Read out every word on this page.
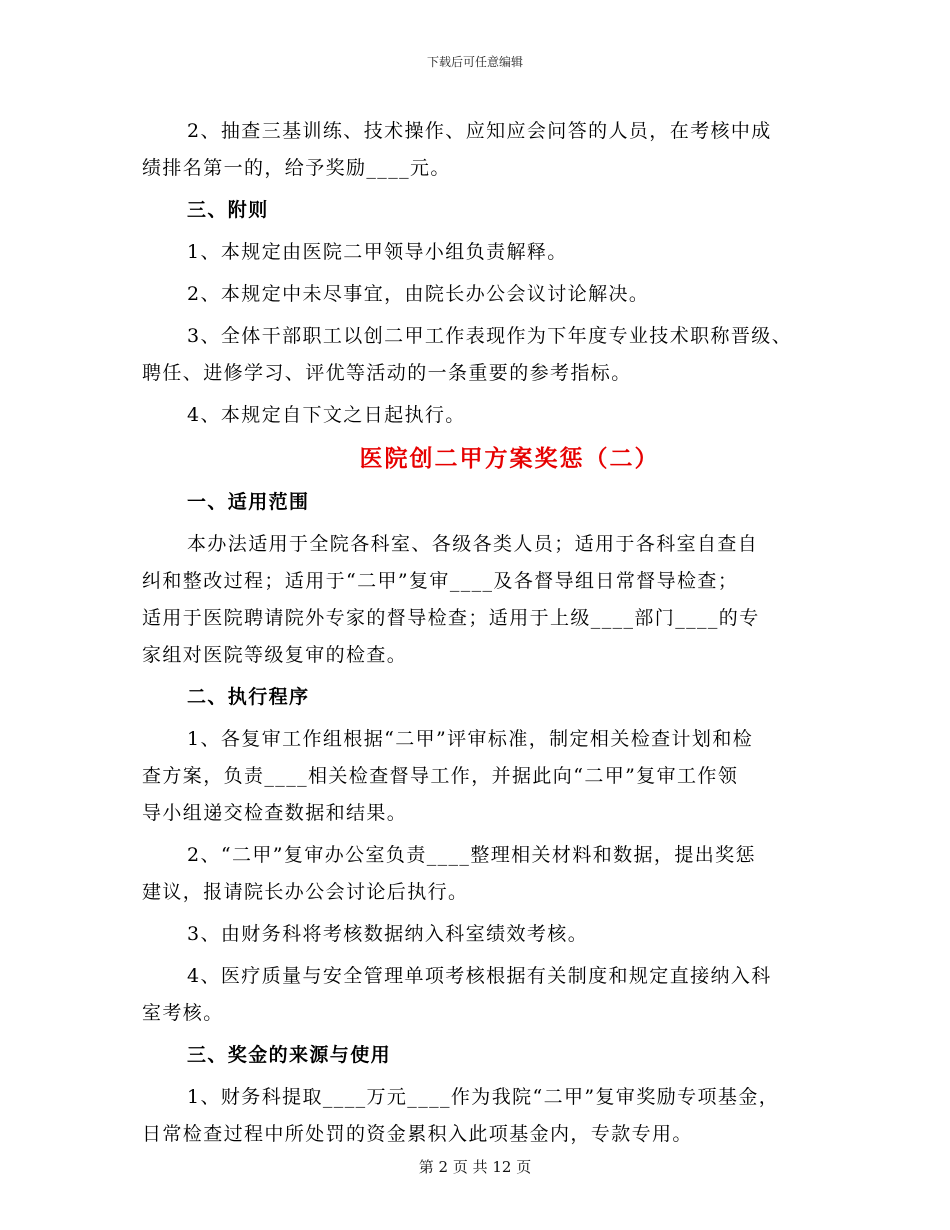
下载后可任意编辑
2、抽查三基训练、技术操作、应知应会问答的人员，在考核中成
绩排名第一的，给予奖励____元。
三、附则
1、本规定由医院二甲领导小组负责解释。
2、本规定中未尽事宜，由院长办公会议讨论解决。
3、全体干部职工以创二甲工作表现作为下年度专业技术职称晋级、
聘任、进修学习、评优等活动的一条重要的参考指标。
4、本规定自下文之日起执行。
医院创二甲方案奖惩（二）
一、适用范围
本办法适用于全院各科室、各级各类人员；适用于各科室自查自
纠和整改过程；适用于“二甲”复审____及各督导组日常督导检查；
适用于医院聘请院外专家的督导检查；适用于上级____部门____的专
家组对医院等级复审的检查。
二、执行程序
1、各复审工作组根据“二甲”评审标准，制定相关检查计划和检
查方案，负责____相关检查督导工作，并据此向“二甲”复审工作领
导小组递交检查数据和结果。
2、“二甲”复审办公室负责____整理相关材料和数据，提出奖惩
建议，报请院长办公会讨论后执行。
3、由财务科将考核数据纳入科室绩效考核。
4、医疗质量与安全管理单项考核根据有关制度和规定直接纳入科
室考核。
三、奖金的来源与使用
1、财务科提取____万元____作为我院“二甲”复审奖励专项基金，
日常检查过程中所处罚的资金累积入此项基金内，专款专用。
第 2 页 共 12 页
